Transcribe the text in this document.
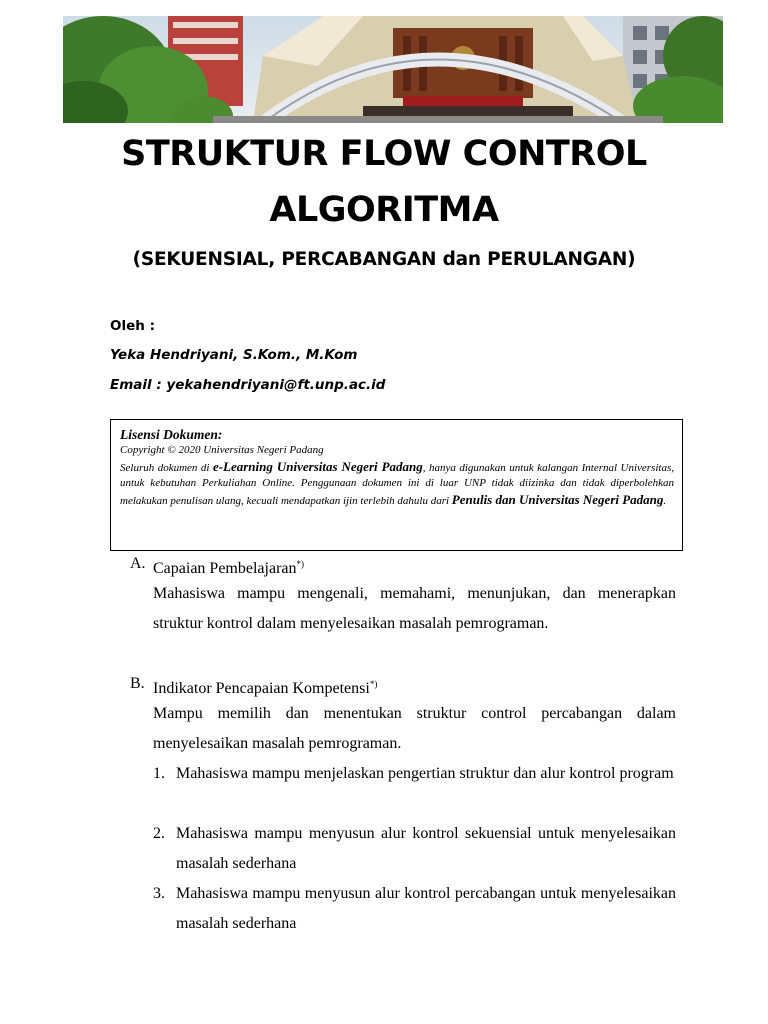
STRUKTUR FLOW CONTROL
ALGORITMA
(SEKUENSIAL, PERCABANGAN dan PERULANGAN)
Oleh :
Yeka Hendriyani, S.Kom., M.Kom
Email : yekahendriyani@ft.unp.ac.id
Lisensi Dokumen:
Copyright © 2020 Universitas Negeri Padang
Seluruh dokumen di e-Learning Universitas Negeri Padang, hanya digunakan untuk kalangan Internal Universitas, untuk kebutuhan Perkuliahan Online. Penggunaan dokumen ini di luar UNP tidak diizinka dan tidak diperbolehkan melakukan penulisan ulang, kecuali mendapatkan ijin terlebih dahulu dari Penulis dan Universitas Negeri Padang.
A. Capaian Pembelajaran*)
Mahasiswa mampu mengenali, memahami, menunjukan, dan menerapkan struktur kontrol dalam menyelesaikan masalah pemrograman.
B. Indikator Pencapaian Kompetensi*)
Mampu memilih dan menentukan struktur control percabangan dalam menyelesaikan masalah pemrograman.
1. Mahasiswa mampu menjelaskan pengertian struktur dan alur kontrol program
2. Mahasiswa mampu menyusun alur kontrol sekuensial untuk menyelesaikan masalah sederhana
3. Mahasiswa mampu menyusun alur kontrol percabangan untuk menyelesaikan masalah sederhana
